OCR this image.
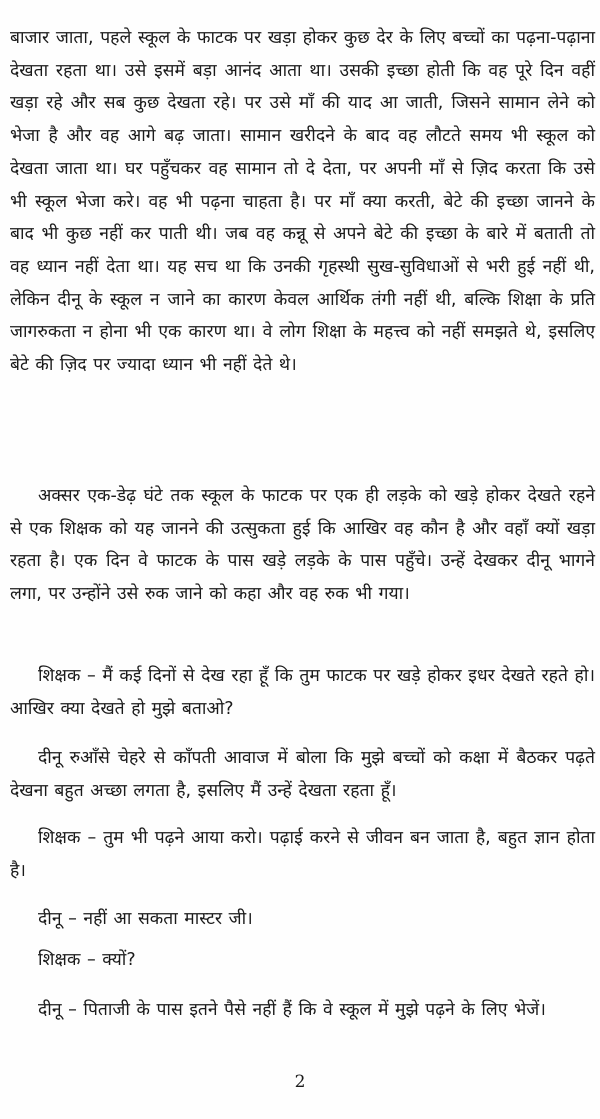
बाजार जाता, पहले स्कूल के फाटक पर खड़ा होकर कुछ देर के लिए बच्चों का पढ़ना-पढ़ाना देखता रहता था। उसे इसमें बड़ा आनंद आता था। उसकी इच्छा होती कि वह पूरे दिन वहीं खड़ा रहे और सब कुछ देखता रहे। पर उसे माँ की याद आ जाती, जिसने सामान लेने को भेजा है और वह आगे बढ़ जाता। सामान खरीदने के बाद वह लौटते समय भी स्कूल को देखता जाता था। घर पहुँचकर वह सामान तो दे देता, पर अपनी माँ से ज़िद करता कि उसे भी स्कूल भेजा करे। वह भी पढ़ना चाहता है। पर माँ क्या करती, बेटे की इच्छा जानने के बाद भी कुछ नहीं कर पाती थी। जब वह कन्नू से अपने बेटे की इच्छा के बारे में बताती तो वह ध्यान नहीं देता था। यह सच था कि उनकी गृहस्थी सुख-सुविधाओं से भरी हुई नहीं थी, लेकिन दीनू के स्कूल न जाने का कारण केवल आर्थिक तंगी नहीं थी, बल्कि शिक्षा के प्रति जागरुकता न होना भी एक कारण था। वे लोग शिक्षा के महत्त्व को नहीं समझते थे, इसलिए बेटे की ज़िद पर ज्यादा ध्यान भी नहीं देते थे।
अक्सर एक-डेढ़ घंटे तक स्कूल के फाटक पर एक ही लड़के को खड़े होकर देखते रहने से एक शिक्षक को यह जानने की उत्सुकता हुई कि आखिर वह कौन है और वहाँ क्यों खड़ा रहता है। एक दिन वे फाटक के पास खड़े लड़के के पास पहुँचे। उन्हें देखकर दीनू भागने लगा, पर उन्होंने उसे रुक जाने को कहा और वह रुक भी गया।
शिक्षक – मैं कई दिनों से देख रहा हूँ कि तुम फाटक पर खड़े होकर इधर देखते रहते हो। आखिर क्या देखते हो मुझे बताओ?
दीनू रुआँसे चेहरे से काँपती आवाज में बोला कि मुझे बच्चों को कक्षा में बैठकर पढ़ते देखना बहुत अच्छा लगता है, इसलिए मैं उन्हें देखता रहता हूँ।
शिक्षक – तुम भी पढ़ने आया करो। पढ़ाई करने से जीवन बन जाता है, बहुत ज्ञान होता है।
दीनू – नहीं आ सकता मास्टर जी।
शिक्षक – क्यों?
दीनू – पिताजी के पास इतने पैसे नहीं हैं कि वे स्कूल में मुझे पढ़ने के लिए भेजें।
2
